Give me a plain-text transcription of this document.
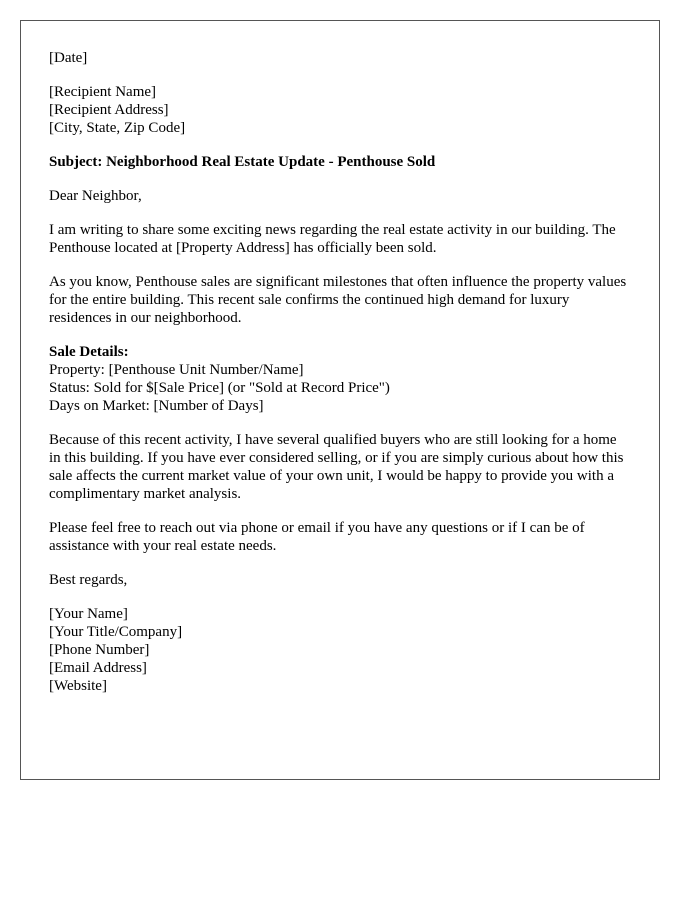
[Date]
[Recipient Name]
[Recipient Address]
[City, State, Zip Code]
Subject: Neighborhood Real Estate Update - Penthouse Sold
Dear Neighbor,

I am writing to share some exciting news regarding the real estate activity in our building. The Penthouse located at [Property Address] has officially been sold.

As you know, Penthouse sales are significant milestones that often influence the property values for the entire building. This recent sale confirms the continued high demand for luxury residences in our neighborhood.

Sale Details:
Property: [Penthouse Unit Number/Name]
Status: Sold for $[Sale Price] (or "Sold at Record Price")
Days on Market: [Number of Days]

Because of this recent activity, I have several qualified buyers who are still looking for a home in this building. If you have ever considered selling, or if you are simply curious about how this sale affects the current market value of your own unit, I would be happy to provide you with a complimentary market analysis.

Please feel free to reach out via phone or email if you have any questions or if I can be of assistance with your real estate needs.

Best regards,
[Your Name]
[Your Title/Company]
[Phone Number]
[Email Address]
[Website]
